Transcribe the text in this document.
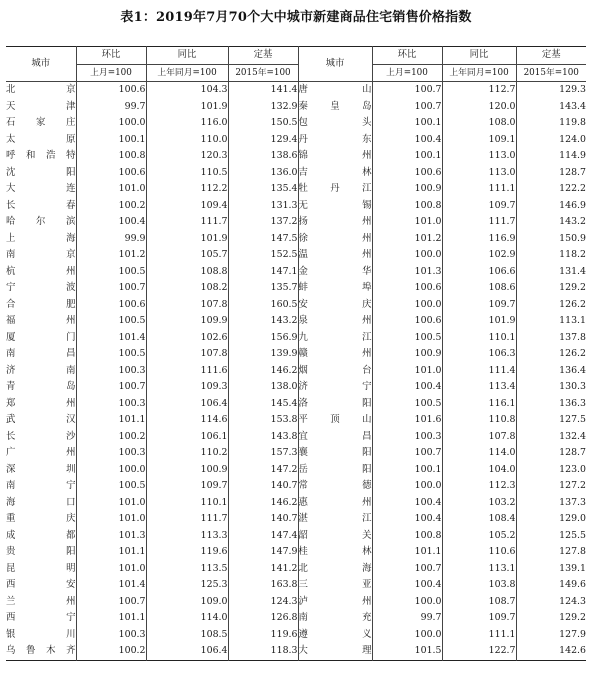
表1：2019年7月70个大中城市新建商品住宅销售价格指数
城市	环比	同比	定基	城市	环比	同比	定基
	上月=100	上年同月=100	2015年=100		上月=100	上年同月=100	2015年=100
北京	100.6	104.3	141.4	唐山	100.7	112.7	129.3
天津	99.7	101.9	132.9	秦皇岛	100.7	120.0	143.4
石家庄	100.0	116.0	150.5	包头	100.1	108.0	119.8
太原	100.1	110.0	129.4	丹东	100.4	109.1	124.0
呼和浩特	100.8	120.3	138.6	锦州	100.1	113.0	114.9
沈阳	100.6	110.5	136.0	吉林	100.6	113.0	128.7
大连	101.0	112.2	135.4	牡丹江	100.9	111.1	122.2
长春	100.2	109.4	131.3	无锡	100.8	109.7	146.9
哈尔滨	100.4	111.7	137.2	扬州	101.0	111.7	143.2
上海	99.9	101.9	147.5	徐州	101.2	116.9	150.9
南京	101.2	105.7	152.5	温州	100.0	102.9	118.2
杭州	100.5	108.8	147.1	金华	101.3	106.6	131.4
宁波	100.7	108.2	135.7	蚌埠	100.6	108.6	129.2
合肥	100.6	107.8	160.5	安庆	100.0	109.7	126.2
福州	100.5	109.9	143.2	泉州	100.6	101.9	113.1
厦门	101.4	102.6	156.9	九江	100.5	110.1	137.8
南昌	100.5	107.8	139.9	赣州	100.9	106.3	126.2
济南	100.3	111.6	146.2	烟台	101.0	111.4	136.4
青岛	100.7	109.3	138.0	济宁	100.4	113.4	130.3
郑州	100.3	106.4	145.4	洛阳	100.5	116.1	136.3
武汉	101.1	114.6	153.8	平顶山	101.6	110.8	127.5
长沙	100.2	106.1	143.8	宜昌	100.3	107.8	132.4
广州	100.3	110.2	157.3	襄阳	100.7	114.0	128.7
深圳	100.0	100.9	147.2	岳阳	100.1	104.0	123.0
南宁	100.5	109.7	140.7	常德	100.0	112.3	127.2
海口	101.0	110.1	146.2	惠州	100.4	103.2	137.3
重庆	101.0	111.7	140.7	湛江	100.4	108.4	129.0
成都	101.3	113.3	147.4	韶关	100.8	105.2	125.5
贵阳	101.1	119.6	147.9	桂林	101.1	110.6	127.8
昆明	101.0	113.5	141.2	北海	100.7	113.1	139.1
西安	101.4	125.3	163.8	三亚	100.4	103.8	149.6
兰州	100.7	109.0	124.3	泸州	100.0	108.7	124.3
西宁	101.1	114.0	126.8	南充	99.7	109.7	129.2
银川	100.3	108.5	119.6	遵义	100.0	111.1	127.9
乌鲁木齐	100.2	106.4	118.3	大理	101.5	122.7	142.6
